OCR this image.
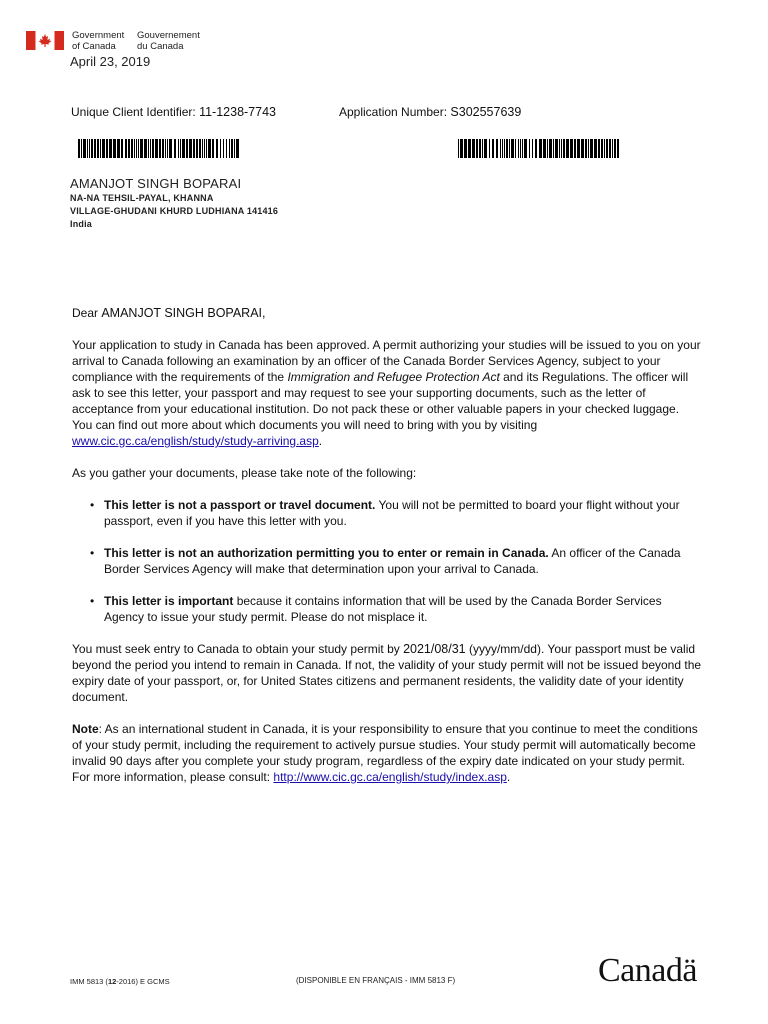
Government
of Canada
Gouvernement
du Canada
April 23, 2019
Unique Client Identifier: 11-1238-7743	Application Number: S302557639
AMANJOT SINGH BOPARAI
NA-NA TEHSIL-PAYAL, KHANNA
VILLAGE-GHUDANI KHURD LUDHIANA 141416
India

Dear AMANJOT SINGH BOPARAI,

Your application to study in Canada has been approved. A permit authorizing your studies will be issued to you on your arrival to Canada following an examination by an officer of the Canada Border Services Agency, subject to your compliance with the requirements of the Immigration and Refugee Protection Act and its Regulations. The officer will ask to see this letter, your passport and may request to see your supporting documents, such as the letter of acceptance from your educational institution. Do not pack these or other valuable papers in your checked luggage. You can find out more about which documents you will need to bring with you by visiting www.cic.gc.ca/english/study/study-arriving.asp.

As you gather your documents, please take note of the following:

• This letter is not a passport or travel document. You will not be permitted to board your flight without your passport, even if you have this letter with you.
• This letter is not an authorization permitting you to enter or remain in Canada. An officer of the Canada Border Services Agency will make that determination upon your arrival to Canada.
• This letter is important because it contains information that will be used by the Canada Border Services Agency to issue your study permit. Please do not misplace it.

You must seek entry to Canada to obtain your study permit by 2021/08/31 (yyyy/mm/dd). Your passport must be valid beyond the period you intend to remain in Canada. If not, the validity of your study permit will not be issued beyond the expiry date of your passport, or, for United States citizens and permanent residents, the validity date of your identity document.

Note: As an international student in Canada, it is your responsibility to ensure that you continue to meet the conditions of your study permit, including the requirement to actively pursue studies. Your study permit will automatically become invalid 90 days after you complete your study program, regardless of the expiry date indicated on your study permit. For more information, please consult: http://www.cic.gc.ca/english/study/index.asp.

IMM 5813 (12-2016) E GCMS	(DISPONIBLE EN FRANÇAIS - IMM 5813 F)	Canadä
